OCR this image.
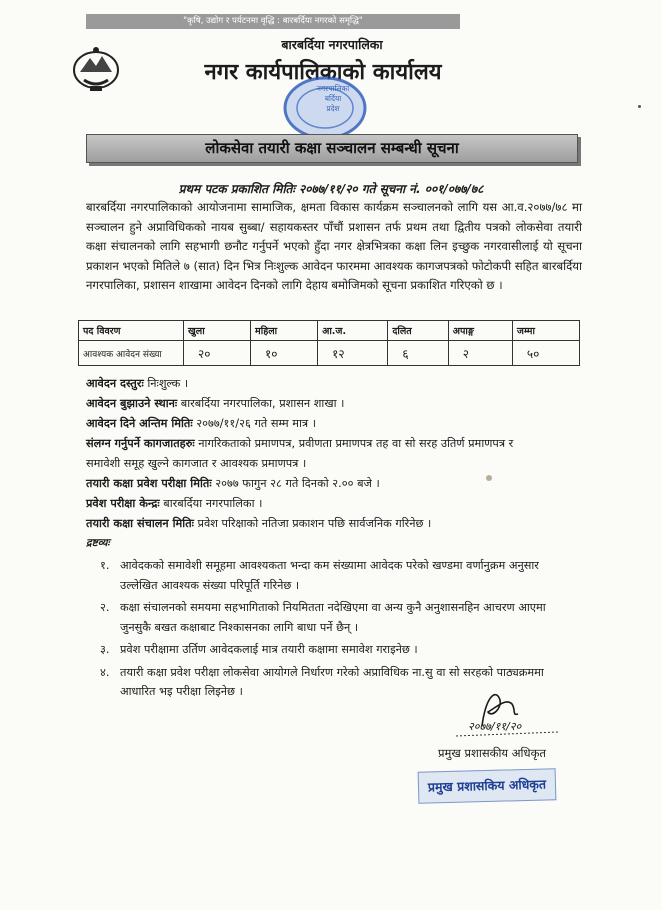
"कृषि, उद्योग र पर्यटनमा वृद्धि : बारबर्दिया नगरको समृद्धि"
बारबर्दिया नगरपालिका
नगर कार्यपालिकाको कार्यालय
नगरपालिका
बर्दिया
प्रदेश
लोकसेवा तयारी कक्षा सञ्चालन सम्बन्धी सूचना
प्रथम पटक प्रकाशित मितिः २०७७/११/२० गते सूचना नं. ००१/०७७/७८
बारबर्दिया नगरपालिकाको आयोजनामा सामाजिक, क्षमता विकास कार्यक्रम सञ्चालनको लागि यस आ.व.२०७७/७८ मा सञ्चालन हुने अप्राविधिकको नायब सुब्बा/ सहायकस्तर पाँचौं प्रशासन तर्फ प्रथम तथा द्वितीय पत्रको लोकसेवा तयारी कक्षा संचालनको लागि सहभागी छनौट गर्नुपर्ने भएको हुँदा नगर क्षेत्रभित्रका कक्षा लिन इच्छुक नगरवासीलाई यो सूचना प्रकाशन भएको मितिले ७ (सात) दिन भित्र निःशुल्क आवेदन फारममा आवश्यक कागजपत्रको फोटोकपी सहित बारबर्दिया नगरपालिका, प्रशासन शाखामा आवेदन दिनको लागि देहाय बमोजिमको सूचना प्रकाशित गरिएको छ ।
पद विवरण	खुला	महिला	आ.ज.	दलित	अपाङ्ग	जम्मा
आवश्यक आवेदन संख्या	२०	१०	१२	६	२	५०
आवेदन दस्तुरः निःशुल्क ।
आवेदन बुझाउने स्थानः बारबर्दिया नगरपालिका, प्रशासन शाखा ।
आवेदन दिने अन्तिम मितिः २०७७/११/२६ गते सम्म मात्र ।
संलग्न गर्नुपर्ने कागजातहरुः नागरिकताको प्रमाणपत्र, प्रवीणता प्रमाणपत्र तह वा सो सरह उतिर्ण प्रमाणपत्र र
समावेशी समूह खुल्ने कागजात र आवश्यक प्रमाणपत्र ।
तयारी कक्षा प्रवेश परीक्षा मितिः २०७७ फागुन २८ गते दिनको २.०० बजे ।
प्रवेश परीक्षा केन्द्रः बारबर्दिया नगरपालिका ।
तयारी कक्षा संचालन मितिः प्रवेश परिक्षाको नतिजा प्रकाशन पछि सार्वजनिक गरिनेछ ।
द्रष्टव्यः
१. आवेदकको समावेशी समूहमा आवश्यकता भन्दा कम संख्यामा आवेदक परेको खण्डमा वर्णानुक्रम अनुसार उल्लेखित आवश्यक संख्या परिपूर्ति गरिनेछ ।
२. कक्षा संचालनको समयमा सहभागिताको नियमितता नदेखिएमा वा अन्य कुनै अनुशासनहिन आचरण आएमा जुनसुकै बखत कक्षाबाट निश्कासनका लागि बाधा पर्ने छैन् ।
३. प्रवेश परीक्षामा उर्तिण आवेदकलाई मात्र तयारी कक्षामा समावेश गराइनेछ ।
४. तयारी कक्षा प्रवेश परीक्षा लोकसेवा आयोगले निर्धारण गरेको अप्राविधिक ना.सु वा सो सरहको पाठ्यक्रममा आधारित भइ परीक्षा लिइनेछ ।
२०७७/११/२०
प्रमुख प्रशासकीय अधिकृत
प्रमुख प्रशासकिय अधिकृत
